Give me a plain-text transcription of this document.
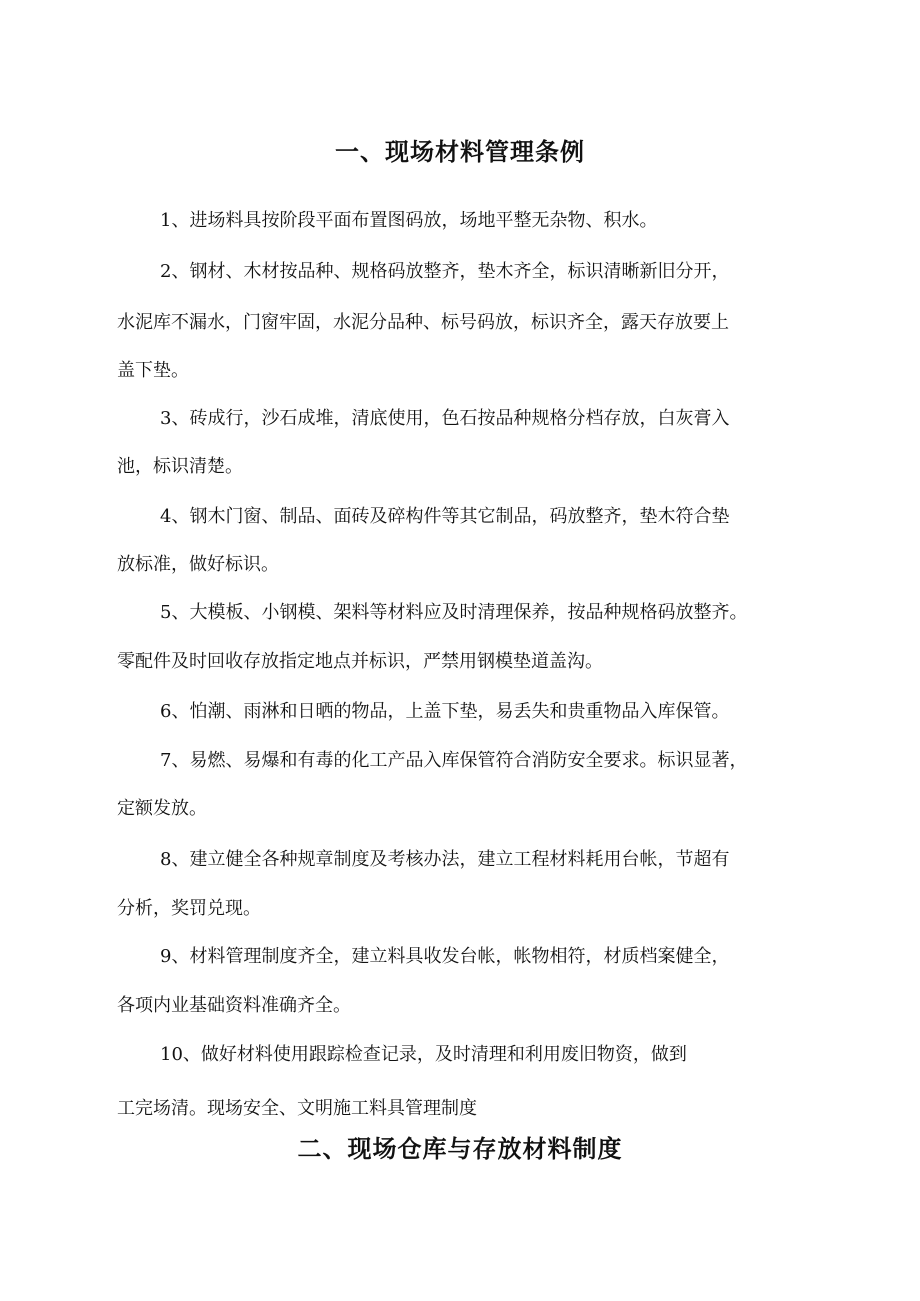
一、现场材料管理条例

1、进场料具按阶段平面布置图码放，场地平整无杂物、积水。

2、钢材、木材按品种、规格码放整齐，垫木齐全，标识清晰新旧分开，

水泥库不漏水，门窗牢固，水泥分品种、标号码放，标识齐全，露天存放要上

盖下垫。

3、砖成行，沙石成堆，清底使用，色石按品种规格分档存放，白灰膏入

池，标识清楚。

4、钢木门窗、制品、面砖及碎构件等其它制品，码放整齐，垫木符合垫

放标准，做好标识。

5、大模板、小钢模、架料等材料应及时清理保养，按品种规格码放整齐。

零配件及时回收存放指定地点并标识，严禁用钢模垫道盖沟。

6、怕潮、雨淋和日晒的物品，上盖下垫，易丢失和贵重物品入库保管。

7、易燃、易爆和有毒的化工产品入库保管符合消防安全要求。标识显著，

定额发放。

8、建立健全各种规章制度及考核办法，建立工程材料耗用台帐，节超有

分析，奖罚兑现。

9、材料管理制度齐全，建立料具收发台帐，帐物相符，材质档案健全，

各项内业基础资料准确齐全。

10、做好材料使用跟踪检查记录，及时清理和利用废旧物资，做到

工完场清。现场安全、文明施工料具管理制度

二、现场仓库与存放材料制度
